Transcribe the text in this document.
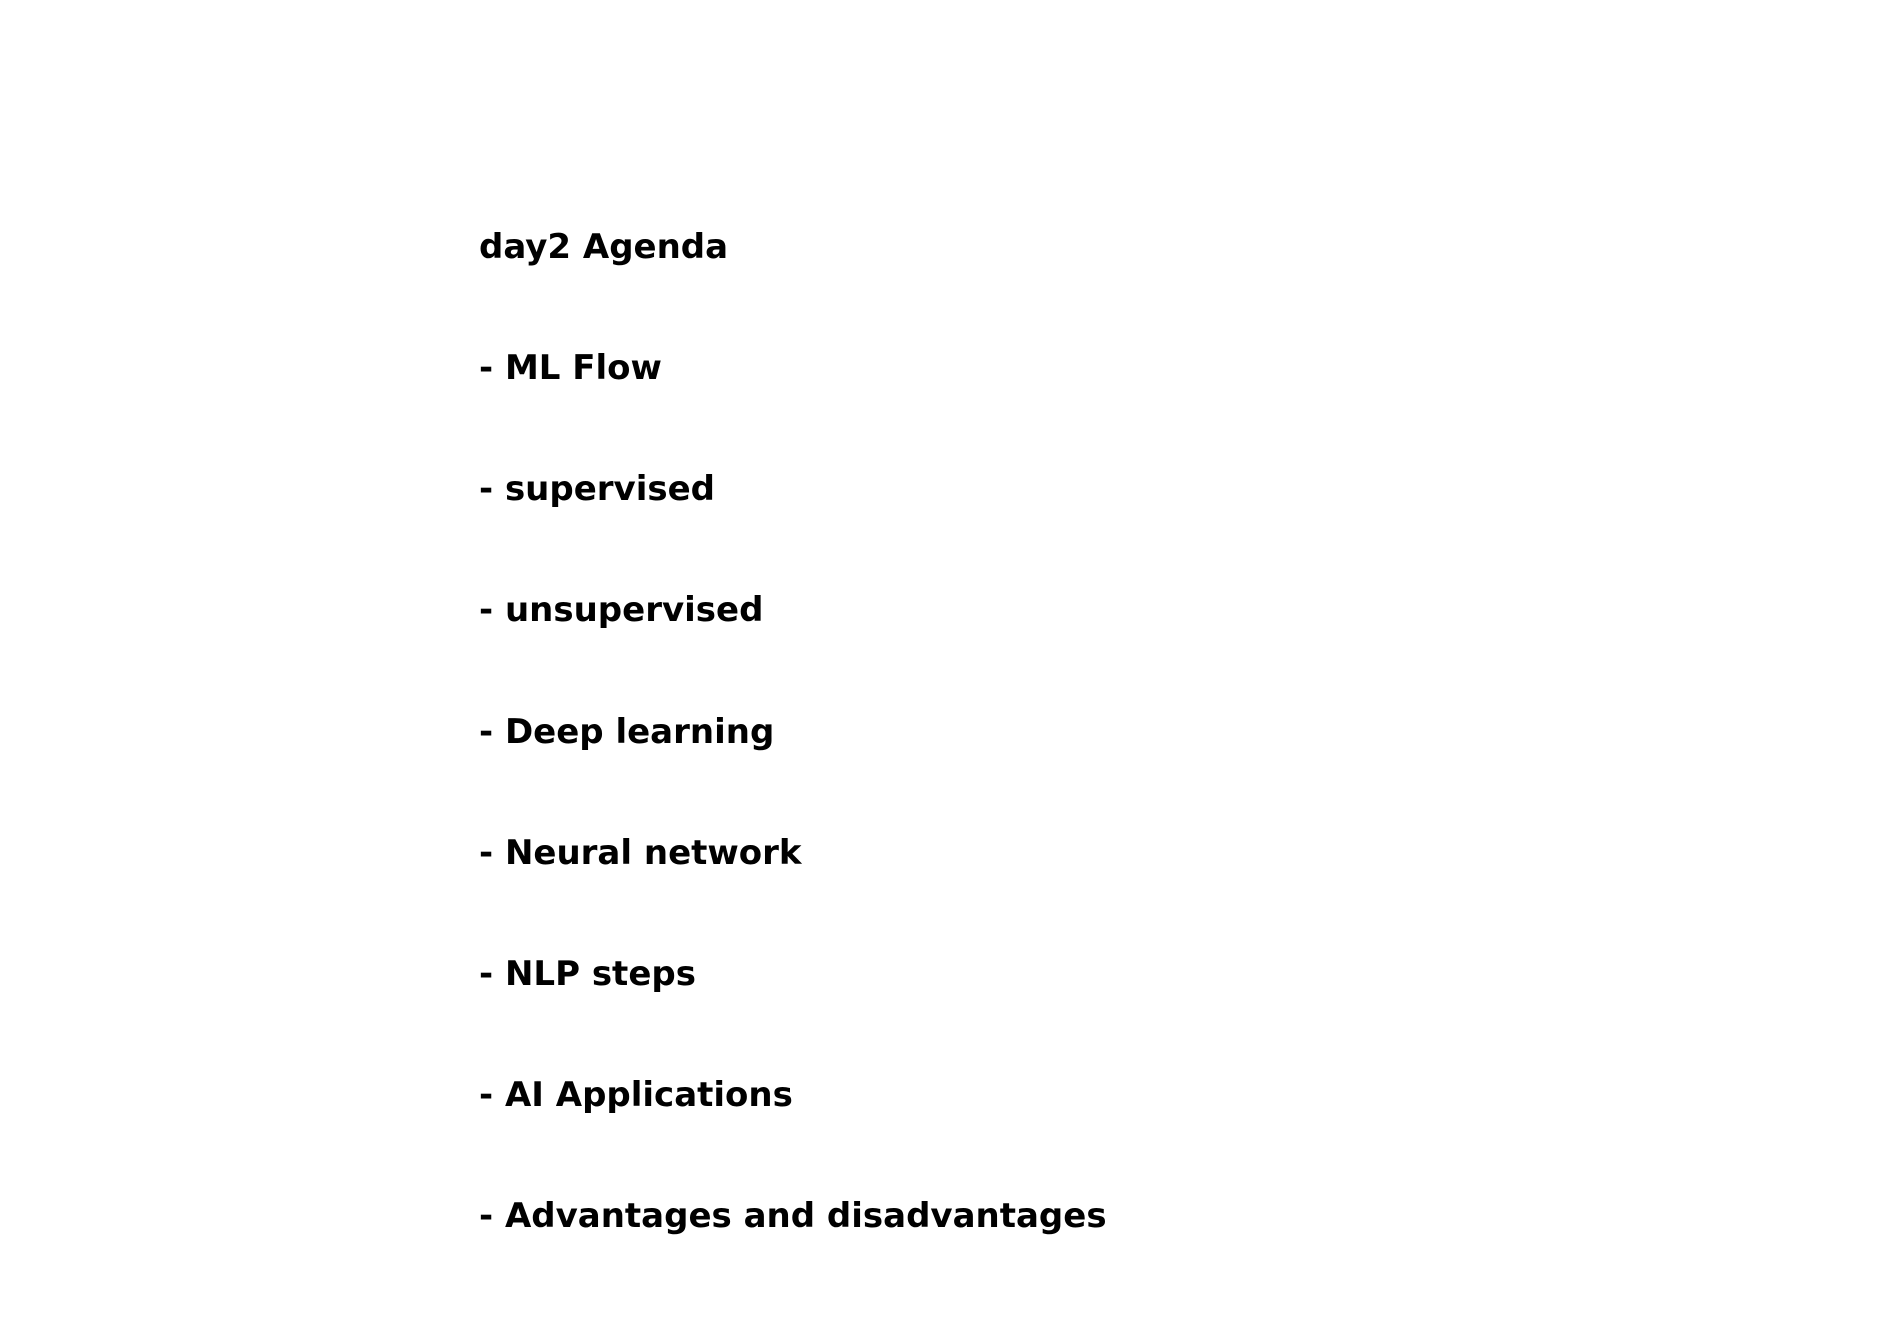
day2 Agenda

- ML Flow

- supervised

- unsupervised

- Deep learning

- Neural network

- NLP steps

- AI Applications

- Advantages and disadvantages
